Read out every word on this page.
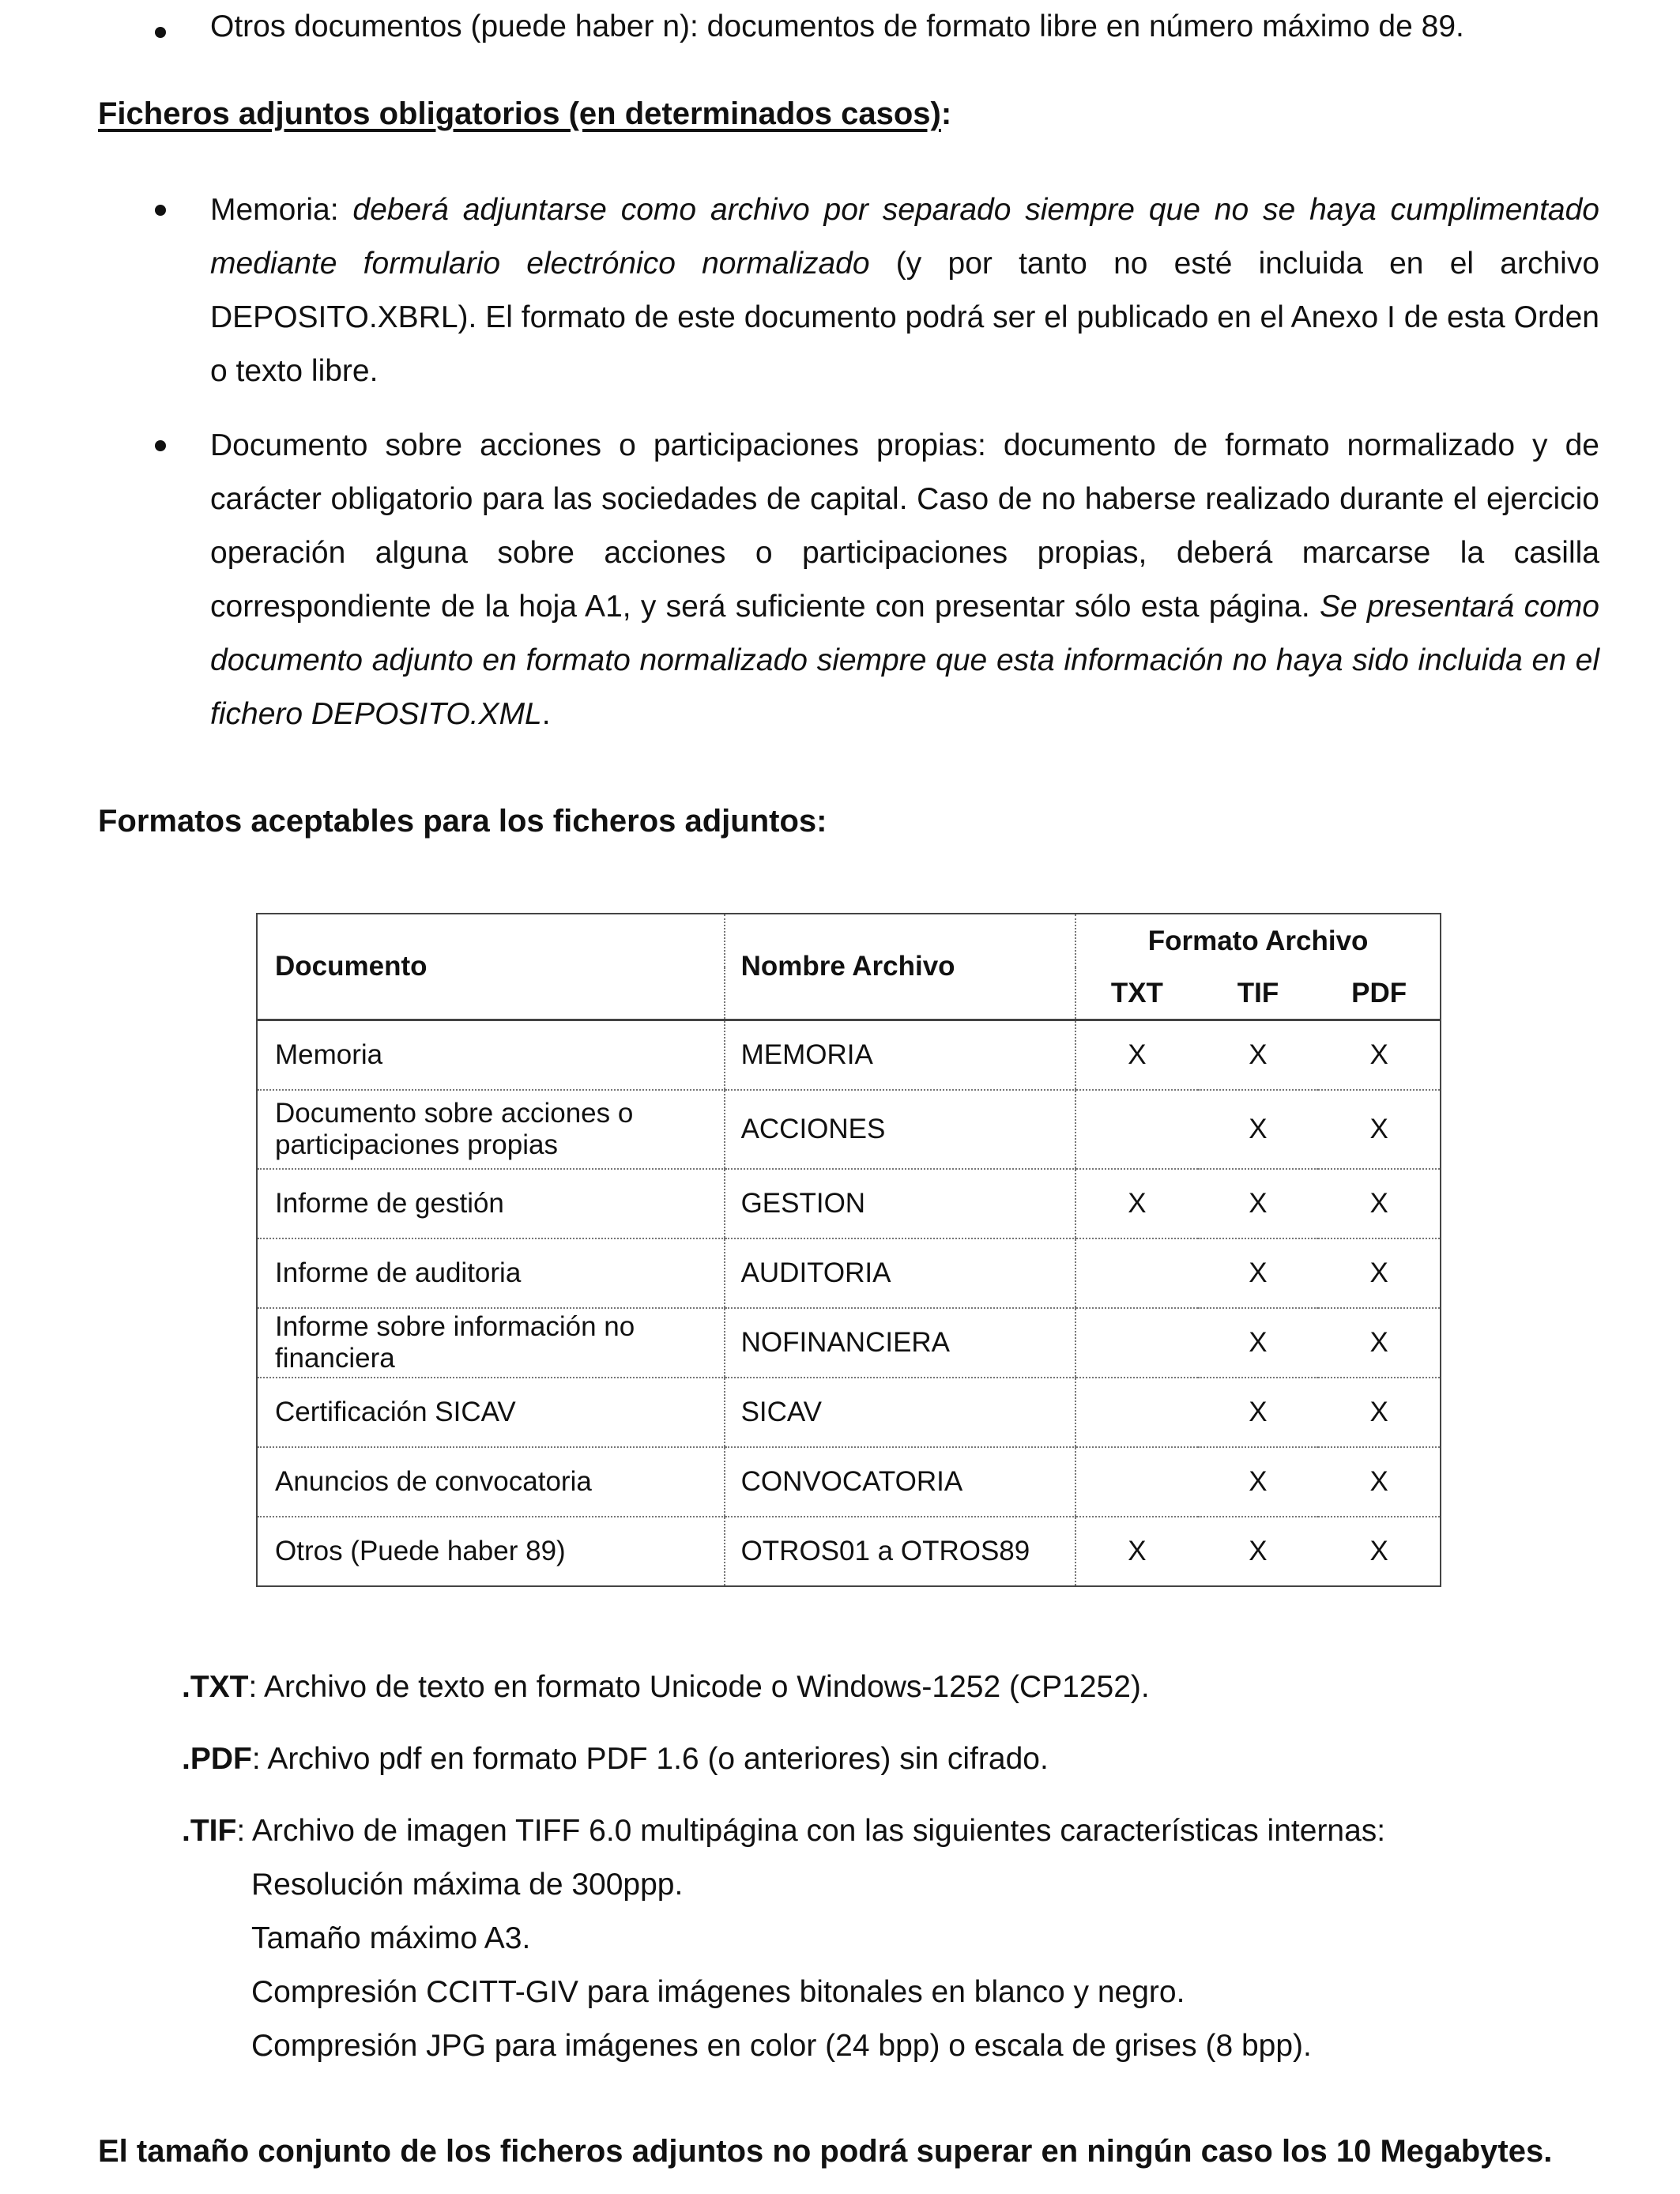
Otros documentos (puede haber n): documentos de formato libre en número máximo de 89.
Ficheros adjuntos obligatorios (en determinados casos):
Memoria: deberá adjuntarse como archivo por separado siempre que no se haya cumplimentado mediante formulario electrónico normalizado (y por tanto no esté incluida en el archivo DEPOSITO.XBRL). El formato de este documento podrá ser el publicado en el Anexo I de esta Orden o texto libre.
Documento sobre acciones o participaciones propias: documento de formato normalizado y de carácter obligatorio para las sociedades de capital. Caso de no haberse realizado durante el ejercicio operación alguna sobre acciones o participaciones propias, deberá marcarse la casilla correspondiente de la hoja A1, y será suficiente con presentar sólo esta página. Se presentará como documento adjunto en formato normalizado siempre que esta información no haya sido incluida en el fichero DEPOSITO.XML.
Formatos aceptables para los ficheros adjuntos:
Documento	Nombre Archivo	Formato Archivo		
		TXT	TIF	PDF
Memoria	MEMORIA	X	X	X
Documento sobre acciones o participaciones propias	ACCIONES		X	X
Informe de gestión	GESTION	X	X	X
Informe de auditoria	AUDITORIA		X	X
Informe sobre información no financiera	NOFINANCIERA		X	X
Certificación SICAV	SICAV		X	X
Anuncios de convocatoria	CONVOCATORIA		X	X
Otros (Puede haber 89)	OTROS01 a OTROS89	X	X	X
.TXT: Archivo de texto en formato Unicode o Windows-1252 (CP1252).
.PDF: Archivo pdf en formato PDF 1.6 (o anteriores) sin cifrado.
.TIF: Archivo de imagen TIFF 6.0 multipágina con las siguientes características internas:
Resolución máxima de 300ppp.
Tamaño máximo A3.
Compresión CCITT-GIV para imágenes bitonales en blanco y negro.
Compresión JPG para imágenes en color (24 bpp) o escala de grises (8 bpp).
El tamaño conjunto de los ficheros adjuntos no podrá superar en ningún caso los 10 Megabytes.
